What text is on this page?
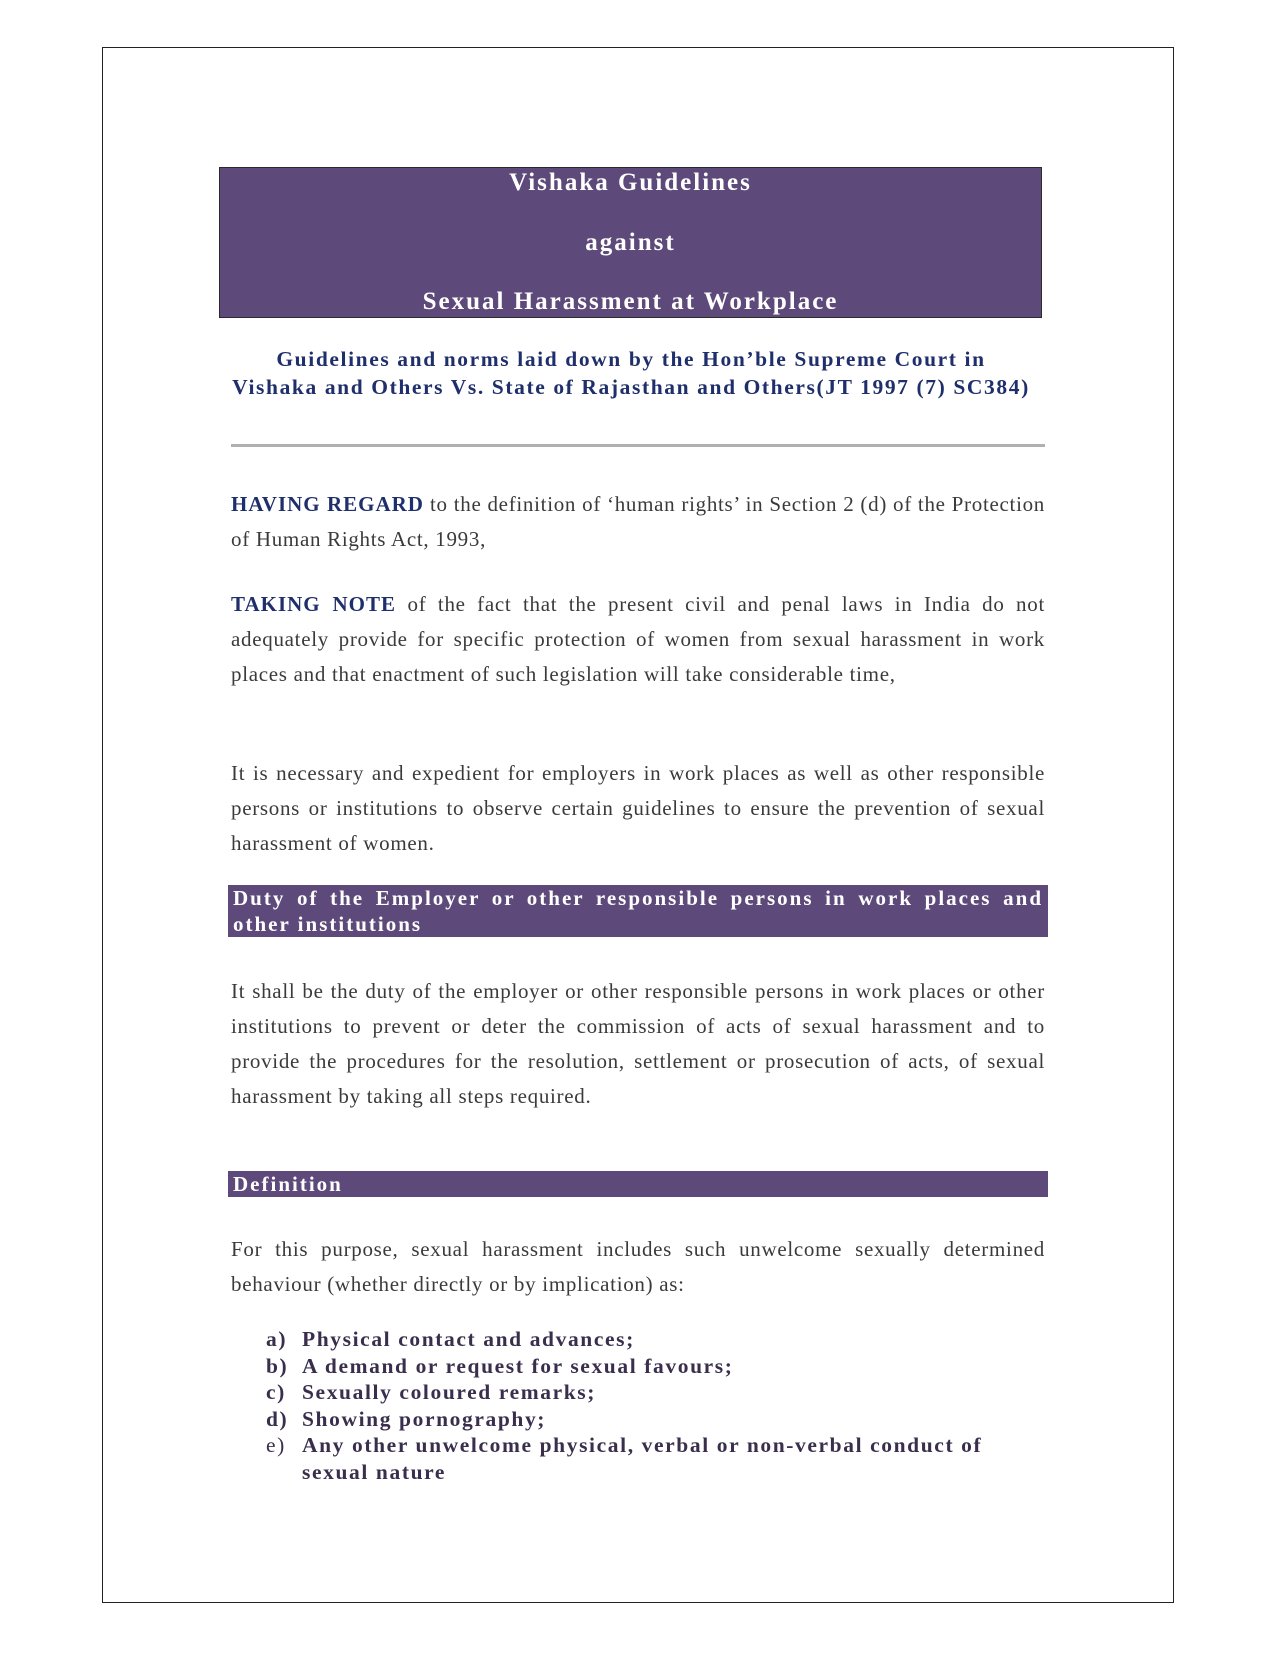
Vishaka Guidelines
against
Sexual Harassment at Workplace
Guidelines and norms laid down by the Hon’ble Supreme Court in Vishaka and Others Vs. State of Rajasthan and Others(JT 1997 (7) SC384)
HAVING REGARD to the definition of ‘human rights’ in Section 2 (d) of the Protection of Human Rights Act, 1993,
TAKING NOTE of the fact that the present civil and penal laws in India do not adequately provide for specific protection of women from sexual harassment in work places and that enactment of such legislation will take considerable time,
It is necessary and expedient for employers in work places as well as other responsible persons or institutions to observe certain guidelines to ensure the prevention of sexual harassment of women.
Duty of the Employer or other responsible persons in work places and other institutions
It shall be the duty of the employer or other responsible persons in work places or other institutions to prevent or deter the commission of acts of sexual harassment and to provide the procedures for the resolution, settlement or prosecution of acts, of sexual harassment by taking all steps required.
Definition
For this purpose, sexual harassment includes such unwelcome sexually determined behaviour (whether directly or by implication) as:
a) Physical contact and advances;
b) A demand or request for sexual favours;
c) Sexually coloured remarks;
d) Showing pornography;
e) Any other unwelcome physical, verbal or non-verbal conduct of sexual nature
